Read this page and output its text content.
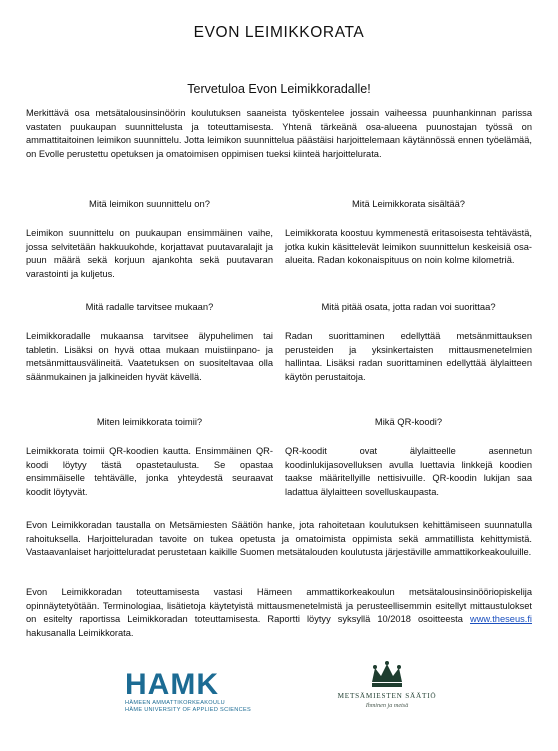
EVON LEIMIKKORATA
Tervetuloa Evon Leimikkoradalle!

Merkittävä osa metsätalousinsinöörin koulutuksen saaneista työskentelee jossain vaiheessa puunhankinnan parissa vastaten puukaupan suunnittelusta ja toteuttamisesta. Yhtenä tärkeänä osa-alueena puunostajan työssä on ammattitaitoinen leimikon suunnittelu. Jotta leimikon suunnittelua päästäisi harjoittelemaan käytännössä ennen työelämää, on Evolle perustettu opetuksen ja omatoimisen oppimisen tueksi kiinteä harjoittelurata.

Mitä leimikon suunnittelu on?

Leimikon suunnittelu on puukaupan ensimmäinen vaihe, jossa selvitetään hakkuukohde, korjattavat puutavaralajit ja puun määrä sekä korjuun ajankohta sekä puutavaran varastointi ja kuljetus.

Mitä Leimikkorata sisältää?

Leimikkorata koostuu kymmenestä eritasoisesta tehtävästä, jotka kukin käsittelevät leimikon suunnittelun keskeisiä osa-alueita. Radan kokonaispituus on noin kolme kilometriä.

Mitä radalle tarvitsee mukaan?

Leimikkoradalle mukaansa tarvitsee älypuhelimen tai tabletin. Lisäksi on hyvä ottaa mukaan muistiinpano- ja metsänmittausvälineitä. Vaatetuksen on suositeltavaa olla säänmukainen ja jalkineiden hyvät kävellä.

Mitä pitää osata, jotta radan voi suorittaa?

Radan suorittaminen edellyttää metsänmittauksen perusteiden ja yksinkertaisten mittausmenetelmien hallintaa. Lisäksi radan suorittaminen edellyttää älylaitteen käytön perustaitoja.

Miten leimikkorata toimii?

Leimikkorata toimii QR-koodien kautta. Ensimmäinen QR-koodi löytyy tästä opastetaulusta. Se opastaa ensimmäiselle tehtävälle, jonka yhteydestä seuraavat koodit löytyvät.

Mikä QR-koodi?

QR-koodit ovat älylaitteelle asennetun koodinlukijasovelluksen avulla luettavia linkkejä koodien taakse määritellyille nettisivuille. QR-koodin lukijan saa ladattua älylaitteen sovelluskaupasta.

Evon Leimikkoradan taustalla on Metsämiesten Säätiön hanke, jota rahoitetaan koulutuksen kehittämiseen suunnatulla rahoituksella. Harjoitteluradan tavoite on tukea opetusta ja omatoimista oppimista sekä ammatillista kehittymistä. Vastaavanlaiset harjoitteluradat perustetaan kaikille Suomen metsätalouden koulutusta järjestäville ammattikorkeakouluille.

Evon Leimikkoradan toteuttamisesta vastasi Hämeen ammattikorkeakoulun metsätalousinsinööriopiskelija opinnäytetyötään. Terminologiaa, lisätietoja käytetyistä mittausmenetelmistä ja perusteellisemmin esitellyt mittaustulokset on esitelty raportissa Leimikkoradan toteuttamisesta. Raportti löytyy syksyllä 10/2018 osoitteesta www.theseus.fi hakusanalla Leimikkorata.

HAMK
HÄMEEN AMMATTIKORKEAKOULU
HÄME UNIVERSITY OF APPLIED SCIENCES
METSÄMIESTEN SÄÄTIÖ
Ihminen ja metsä
